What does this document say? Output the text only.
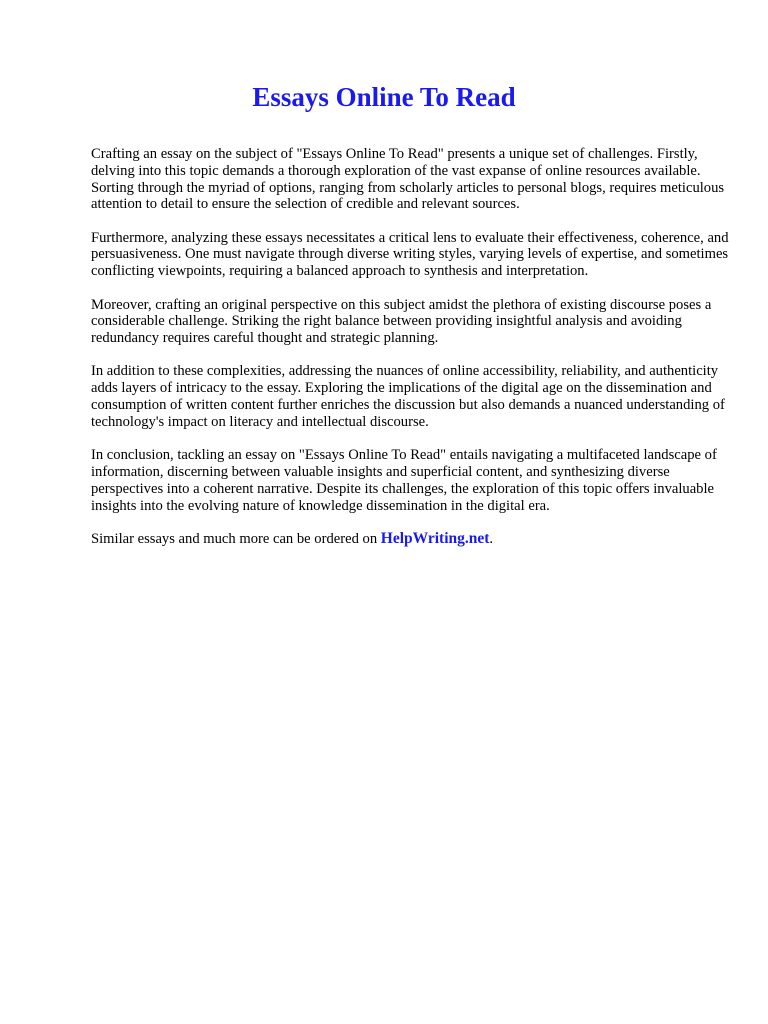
Essays Online To Read

Crafting an essay on the subject of "Essays Online To Read" presents a unique set of challenges. Firstly, delving into this topic demands a thorough exploration of the vast expanse of online resources available. Sorting through the myriad of options, ranging from scholarly articles to personal blogs, requires meticulous attention to detail to ensure the selection of credible and relevant sources.

Furthermore, analyzing these essays necessitates a critical lens to evaluate their effectiveness, coherence, and persuasiveness. One must navigate through diverse writing styles, varying levels of expertise, and sometimes conflicting viewpoints, requiring a balanced approach to synthesis and interpretation.

Moreover, crafting an original perspective on this subject amidst the plethora of existing discourse poses a considerable challenge. Striking the right balance between providing insightful analysis and avoiding redundancy requires careful thought and strategic planning.

In addition to these complexities, addressing the nuances of online accessibility, reliability, and authenticity adds layers of intricacy to the essay. Exploring the implications of the digital age on the dissemination and consumption of written content further enriches the discussion but also demands a nuanced understanding of technology's impact on literacy and intellectual discourse.

In conclusion, tackling an essay on "Essays Online To Read" entails navigating a multifaceted landscape of information, discerning between valuable insights and superficial content, and synthesizing diverse perspectives into a coherent narrative. Despite its challenges, the exploration of this topic offers invaluable insights into the evolving nature of knowledge dissemination in the digital era.

Similar essays and much more can be ordered on HelpWriting.net.
